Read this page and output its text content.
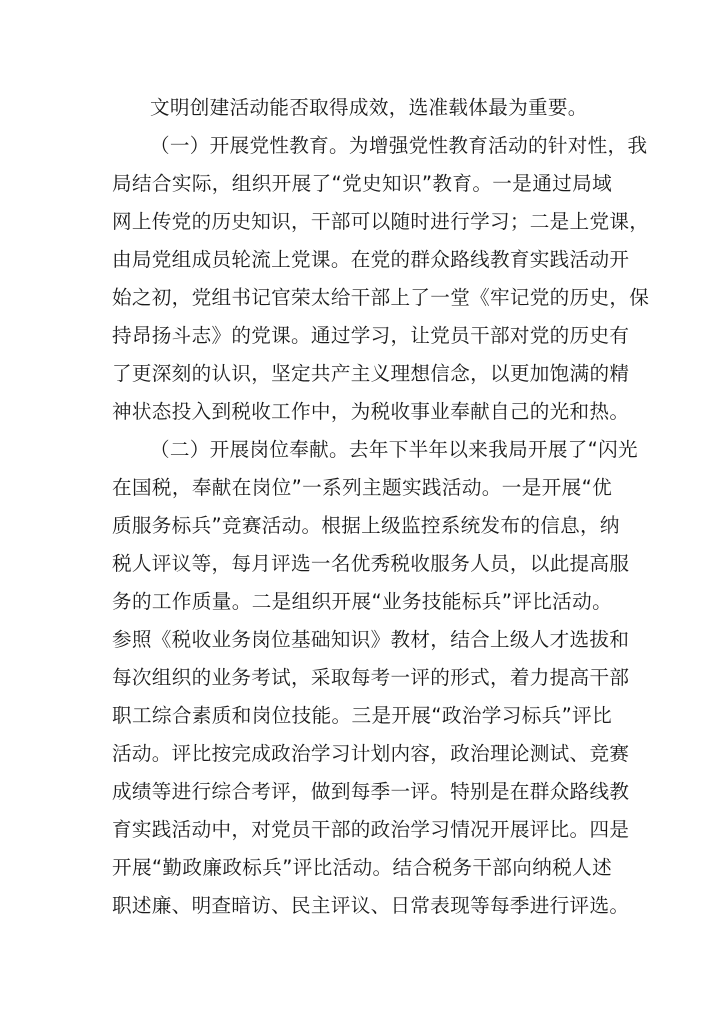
文明创建活动能否取得成效，选准载体最为重要。
（一）开展党性教育。为增强党性教育活动的针对性，我
局结合实际，组织开展了“党史知识”教育。一是通过局域
网上传党的历史知识，干部可以随时进行学习；二是上党课，
由局党组成员轮流上党课。在党的群众路线教育实践活动开
始之初，党组书记官荣太给干部上了一堂《牢记党的历史，保
持昂扬斗志》的党课。通过学习，让党员干部对党的历史有
了更深刻的认识，坚定共产主义理想信念，以更加饱满的精
神状态投入到税收工作中，为税收事业奉献自己的光和热。
（二）开展岗位奉献。去年下半年以来我局开展了“闪光
在国税，奉献在岗位”一系列主题实践活动。一是开展“优
质服务标兵”竞赛活动。根据上级监控系统发布的信息，纳
税人评议等，每月评选一名优秀税收服务人员，以此提高服
务的工作质量。二是组织开展“业务技能标兵”评比活动。
参照《税收业务岗位基础知识》教材，结合上级人才选拔和
每次组织的业务考试，采取每考一评的形式，着力提高干部
职工综合素质和岗位技能。三是开展“政治学习标兵”评比
活动。评比按完成政治学习计划内容，政治理论测试、竞赛
成绩等进行综合考评，做到每季一评。特别是在群众路线教
育实践活动中，对党员干部的政治学习情况开展评比。四是
开展“勤政廉政标兵”评比活动。结合税务干部向纳税人述
职述廉、明查暗访、民主评议、日常表现等每季进行评选。
